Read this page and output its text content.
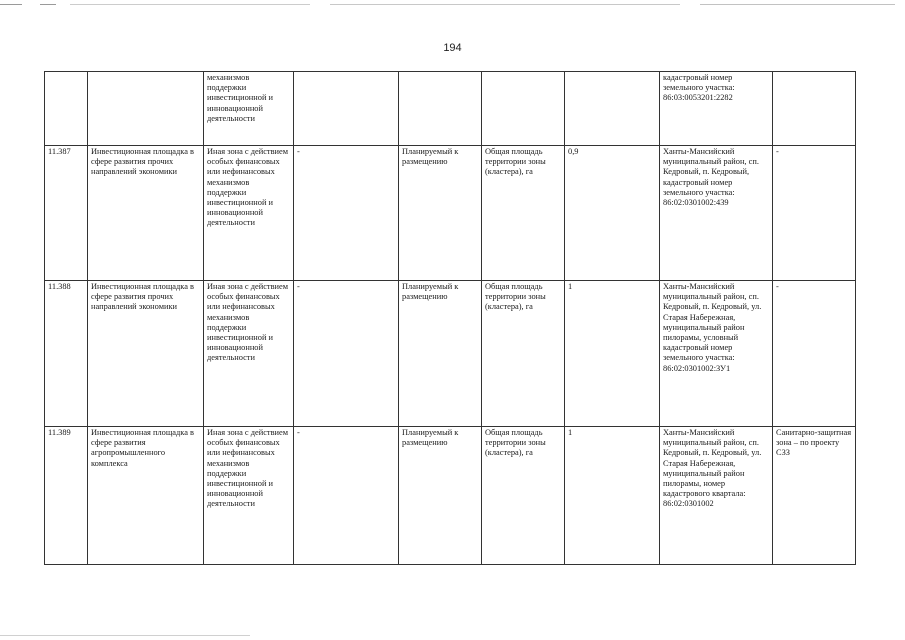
194
		механизмов поддержки инвестиционной и инновационной деятельности					кадастровый номер земельного участка: 86:03:0053201:2282	
11.387	Инвестиционная площадка в сфере развития прочих направлений экономики	Иная зона с действием особых финансовых или нефинансовых механизмов поддержки инвестиционной и инновационной деятельности	-	Планируемый к размещению	Общая площадь территории зоны (кластера), га	0,9	Ханты-Мансийский муниципальный район, сп. Кедровый, п. Кедровый, кадастровый номер земельного участка: 86:02:0301002:439	-
11.388	Инвестиционная площадка в сфере развития прочих направлений экономики	Иная зона с действием особых финансовых или нефинансовых механизмов поддержки инвестиционной и инновационной деятельности	-	Планируемый к размещению	Общая площадь территории зоны (кластера), га	1	Ханты-Мансийский муниципальный район, сп. Кедровый, п. Кедровый, ул. Старая Набережная, муниципальный район пилорамы, условный кадастровый номер земельного участка: 86:02:0301002:ЗУ1	-
11.389	Инвестиционная площадка в сфере развития агропромышленного комплекса	Иная зона с действием особых финансовых или нефинансовых механизмов поддержки инвестиционной и инновационной деятельности	-	Планируемый к размещению	Общая площадь территории зоны (кластера), га	1	Ханты-Мансийский муниципальный район, сп. Кедровый, п. Кедровый, ул. Старая Набережная, муниципальный район пилорамы, номер кадастрового квартала: 86:02:0301002	Санитарно-защитная зона – по проекту СЗЗ
